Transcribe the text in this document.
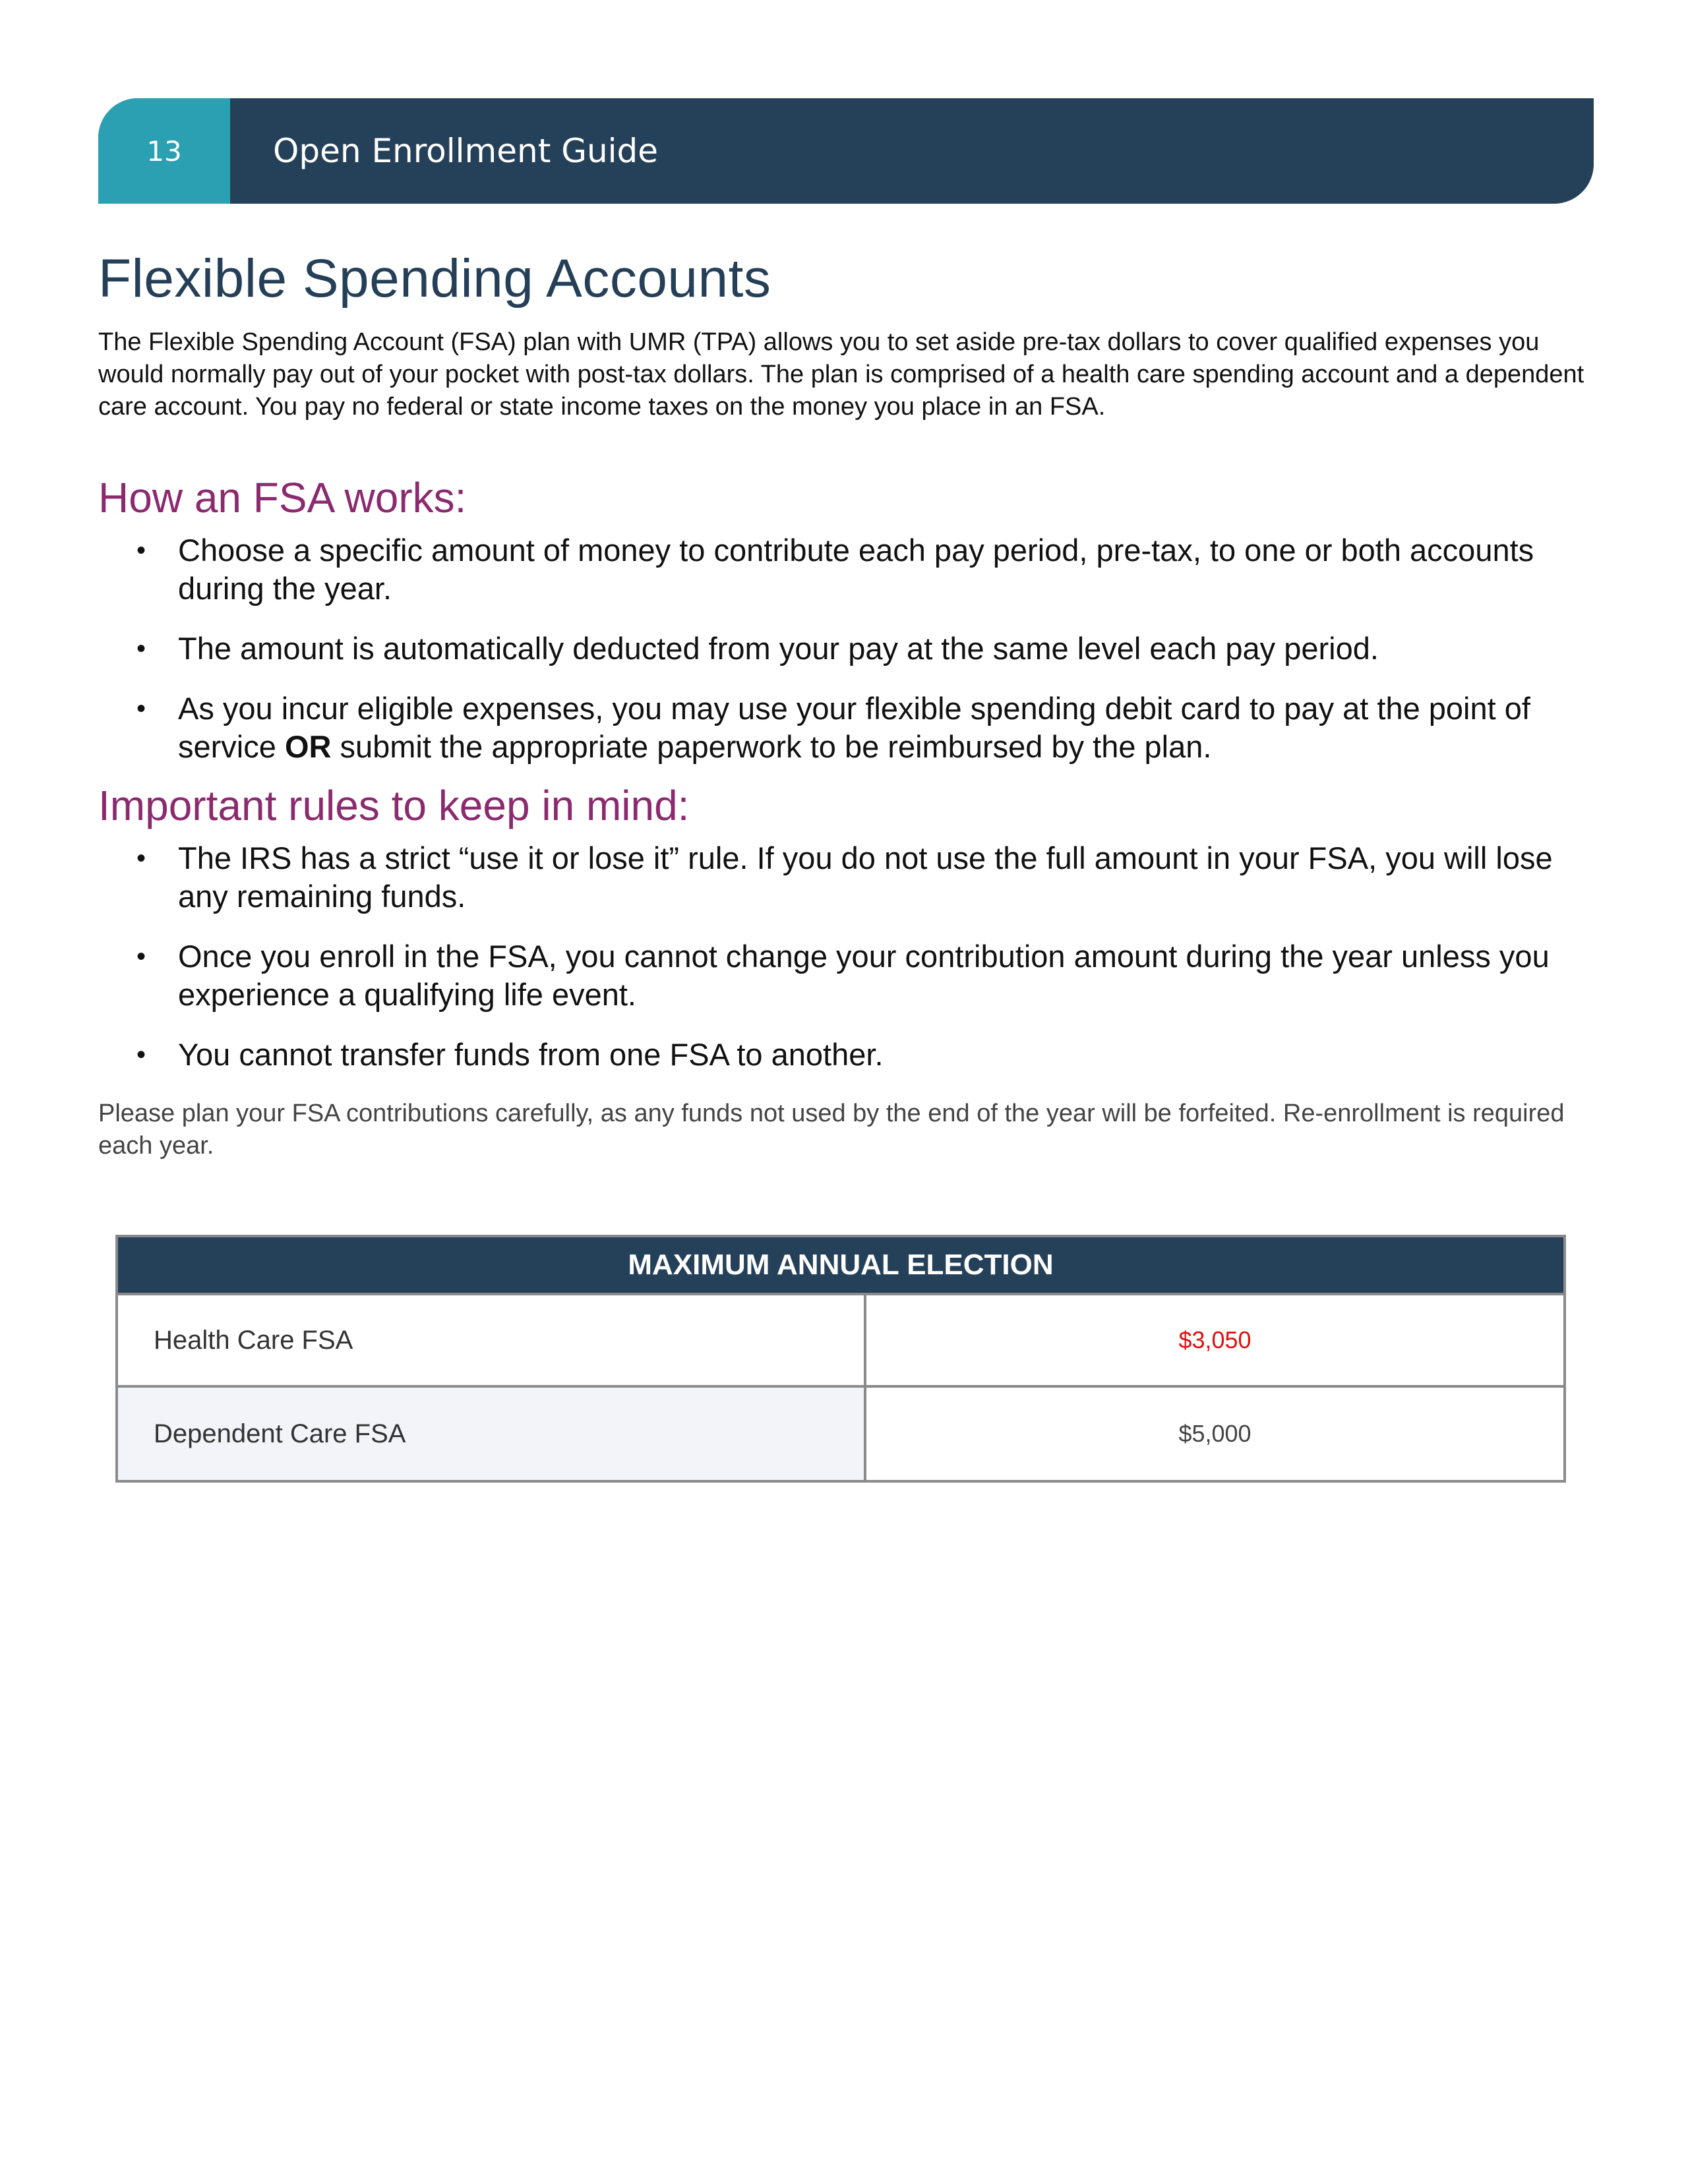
13	Open Enrollment Guide
Flexible Spending Accounts

The Flexible Spending Account (FSA) plan with UMR (TPA) allows you to set aside pre-tax dollars to cover qualified expenses you would normally pay out of your pocket with post-tax dollars. The plan is comprised of a health care spending account and a dependent care account. You pay no federal or state income taxes on the money you place in an FSA.

How an FSA works:
• Choose a specific amount of money to contribute each pay period, pre-tax, to one or both accounts during the year.
• The amount is automatically deducted from your pay at the same level each pay period.
• As you incur eligible expenses, you may use your flexible spending debit card to pay at the point of service OR submit the appropriate paperwork to be reimbursed by the plan.
Important rules to keep in mind:
• The IRS has a strict “use it or lose it” rule. If you do not use the full amount in your FSA, you will lose any remaining funds.
• Once you enroll in the FSA, you cannot change your contribution amount during the year unless you experience a qualifying life event.
• You cannot transfer funds from one FSA to another.

Please plan your FSA contributions carefully, as any funds not used by the end of the year will be forfeited. Re-enrollment is required each year.

MAXIMUM ANNUAL ELECTION
Health Care FSA	$3,050
Dependent Care FSA	$5,000
